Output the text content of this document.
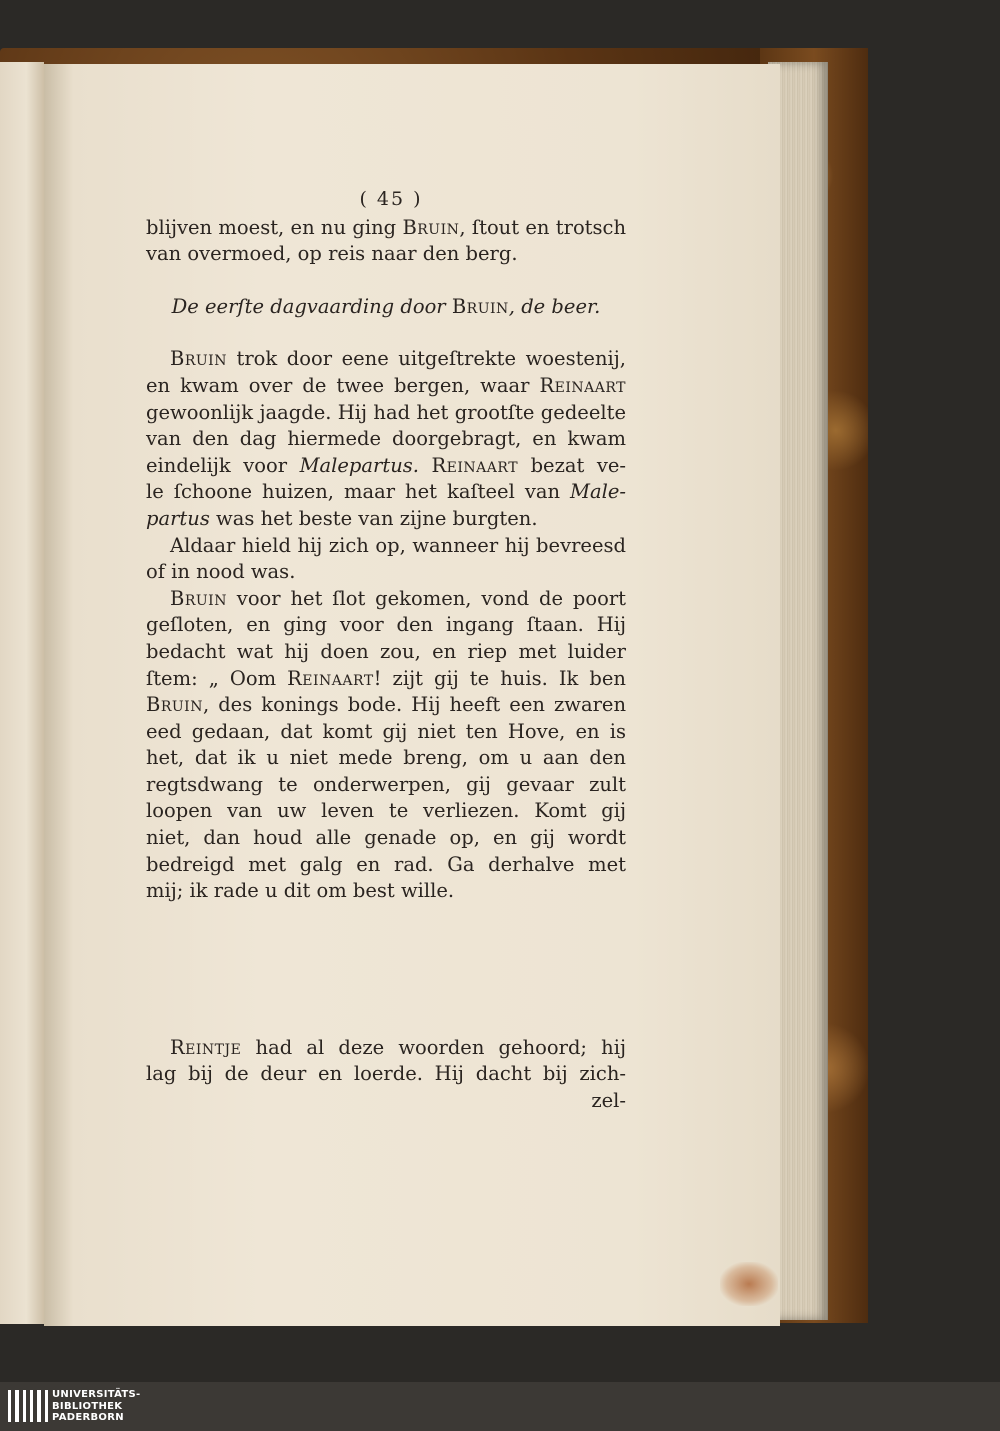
( 45 )
blijven moest, en nu ging Bruin, ſtout en trotsch
van overmoed, op reis naar den berg.
De eerſte dagvaarding door Bruin, de beer.
Bruin trok door eene uitgeſtrekte woestenij,
en kwam over de twee bergen, waar Reinaart
gewoonlijk jaagde. Hij had het grootſte gedeelte
van den dag hiermede doorgebragt, en kwam
eindelijk voor Malepartus. Reinaart bezat ve-
le ſchoone huizen, maar het kaſteel van Male-
partus was het beste van zijne burgten.
Aldaar hield hij zich op, wanneer hij bevreesd
of in nood was.
Bruin voor het ſlot gekomen, vond de poort
geſloten, en ging voor den ingang ſtaan. Hij
bedacht wat hij doen zou, en riep met luider
ſtem: „ Oom Reinaart! zijt gij te huis. Ik ben
Bruin, des konings bode. Hij heeft een zwaren
eed gedaan, dat komt gij niet ten Hove, en is
het, dat ik u niet mede breng, om u aan den
regtsdwang te onderwerpen, gij gevaar zult
loopen van uw leven te verliezen. Komt gij
niet, dan houd alle genade op, en gij wordt
bedreigd met galg en rad. Ga derhalve met
mij; ik rade u dit om best wille.
Reintje had al deze woorden gehoord; hij
lag bij de deur en loerde. Hij dacht bij zich-
zel-
UNIVERSITÄTS-
BIBLIOTHEK
PADERBORN
